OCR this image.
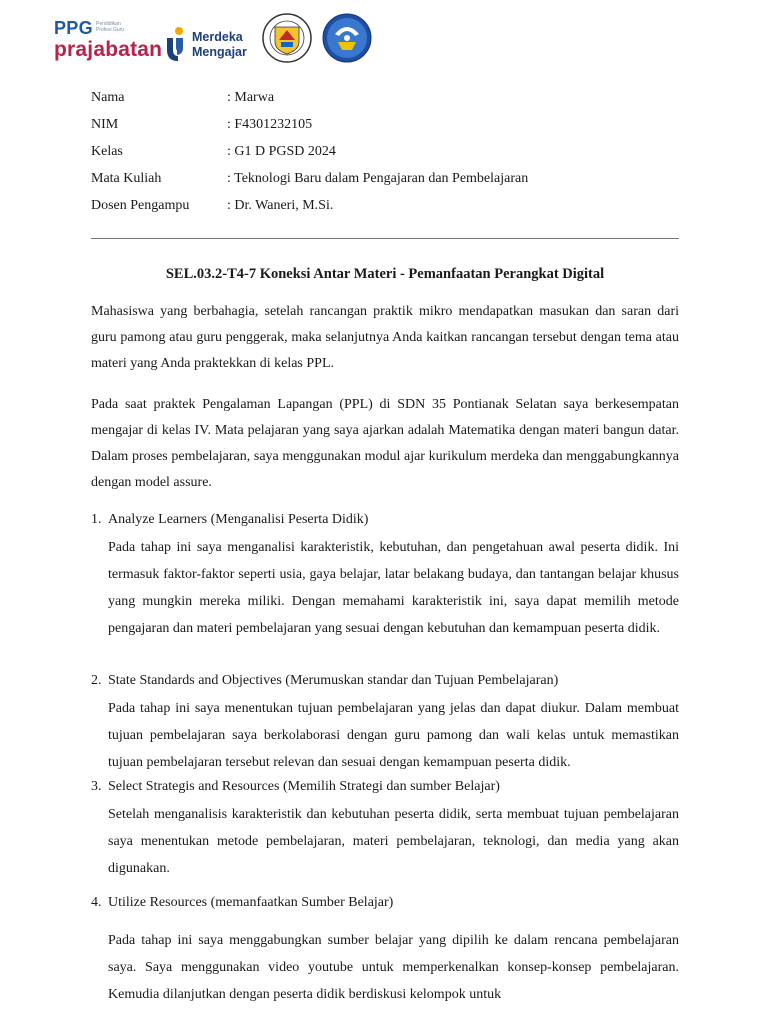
PPG Pendidikan Profesi Guru
prajabatan
Merdeka
Mengajar
Nama	: Marwa
NIM	: F4301232105
Kelas	: G1 D PGSD 2024
Mata Kuliah	: Teknologi Baru dalam Pengajaran dan Pembelajaran
Dosen Pengampu	: Dr. Waneri, M.Si.
SEL.03.2-T4-7 Koneksi Antar Materi - Pemanfaatan Perangkat Digital
Mahasiswa yang berbahagia, setelah rancangan praktik mikro mendapatkan masukan dan saran dari guru pamong atau guru penggerak, maka selanjutnya Anda kaitkan rancangan tersebut dengan tema atau materi yang Anda praktekkan di kelas PPL.
Pada saat praktek Pengalaman Lapangan (PPL) di SDN 35 Pontianak Selatan saya berkesempatan mengajar di kelas IV. Mata pelajaran yang saya ajarkan adalah Matematika dengan materi bangun datar. Dalam proses pembelajaran, saya menggunakan modul ajar kurikulum merdeka dan menggabungkannya dengan model assure.
1. Analyze Learners (Menganalisi Peserta Didik)
Pada tahap ini saya menganalisi karakteristik, kebutuhan, dan pengetahuan awal peserta didik. Ini termasuk faktor-faktor seperti usia, gaya belajar, latar belakang budaya, dan tantangan belajar khusus yang mungkin mereka miliki. Dengan memahami karakteristik ini, saya dapat memilih metode pengajaran dan materi pembelajaran yang sesuai dengan kebutuhan dan kemampuan peserta didik.
2. State Standards and Objectives (Merumuskan standar dan Tujuan Pembelajaran)
Pada tahap ini saya menentukan tujuan pembelajaran yang jelas dan dapat diukur. Dalam membuat tujuan pembelajaran saya berkolaborasi dengan guru pamong dan wali kelas untuk memastikan tujuan pembelajaran tersebut relevan dan sesuai dengan kemampuan peserta didik.
3. Select Strategis and Resources (Memilih Strategi dan sumber Belajar)
Setelah menganalisis karakteristik dan kebutuhan peserta didik, serta membuat tujuan pembelajaran saya menentukan metode pembelajaran, materi pembelajaran, teknologi, dan media yang akan digunakan.
4. Utilize Resources (memanfaatkan Sumber Belajar)
Pada tahap ini saya menggabungkan sumber belajar yang dipilih ke dalam rencana pembelajaran saya. Saya menggunakan video youtube untuk memperkenalkan konsep-konsep pembelajaran. Kemudia dilanjutkan dengan peserta didik berdiskusi kelompok untuk
